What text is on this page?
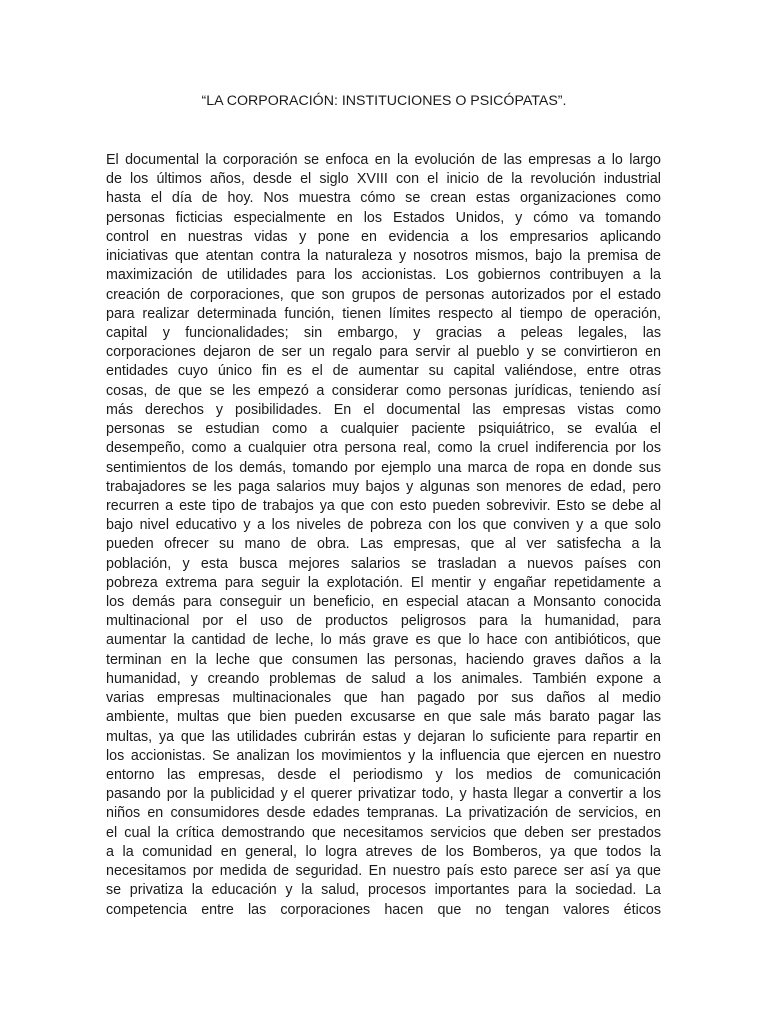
“LA CORPORACIÓN: INSTITUCIONES O PSICÓPATAS”.
El documental la corporación se enfoca en la evolución de las empresas a lo largo
de los últimos años, desde el siglo XVIII con el inicio de la revolución industrial
hasta el día de hoy. Nos muestra cómo se crean estas organizaciones como
personas ficticias especialmente en los Estados Unidos, y cómo va tomando
control en nuestras vidas y pone en evidencia a los empresarios aplicando
iniciativas que atentan contra la naturaleza y nosotros mismos, bajo la premisa de
maximización de utilidades para los accionistas. Los gobiernos contribuyen a la
creación de corporaciones, que son grupos de personas autorizados por el estado
para realizar determinada función, tienen límites respecto al tiempo de operación,
capital y funcionalidades; sin embargo, y gracias a peleas legales, las
corporaciones dejaron de ser un regalo para servir al pueblo y se convirtieron en
entidades cuyo único fin es el de aumentar su capital valiéndose, entre otras
cosas, de que se les empezó a considerar como personas jurídicas, teniendo así
más derechos y posibilidades. En el documental las empresas vistas como
personas se estudian como a cualquier paciente psiquiátrico, se evalúa el
desempeño, como a cualquier otra persona real, como la cruel indiferencia por los
sentimientos de los demás, tomando por ejemplo una marca de ropa en donde sus
trabajadores se les paga salarios muy bajos y algunas son menores de edad, pero
recurren a este tipo de trabajos ya que con esto pueden sobrevivir. Esto se debe al
bajo nivel educativo y a los niveles de pobreza con los que conviven y a que solo
pueden ofrecer su mano de obra. Las empresas, que al ver satisfecha a la
población, y esta busca mejores salarios se trasladan a nuevos países con
pobreza extrema para seguir la explotación. El mentir y engañar repetidamente a
los demás para conseguir un beneficio, en especial atacan a Monsanto conocida
multinacional por el uso de productos peligrosos para la humanidad, para
aumentar la cantidad de leche, lo más grave es que lo hace con antibióticos, que
terminan en la leche que consumen las personas, haciendo graves daños a la
humanidad, y creando problemas de salud a los animales. También expone a
varias empresas multinacionales que han pagado por sus daños al medio
ambiente, multas que bien pueden excusarse en que sale más barato pagar las
multas, ya que las utilidades cubrirán estas y dejaran lo suficiente para repartir en
los accionistas. Se analizan los movimientos y la influencia que ejercen en nuestro
entorno las empresas, desde el periodismo y los medios de comunicación
pasando por la publicidad y el querer privatizar todo, y hasta llegar a convertir a los
niños en consumidores desde edades tempranas. La privatización de servicios, en
el cual la crítica demostrando que necesitamos servicios que deben ser prestados
a la comunidad en general, lo logra atreves de los Bomberos, ya que todos la
necesitamos por medida de seguridad. En nuestro país esto parece ser así ya que
se privatiza la educación y la salud, procesos importantes para la sociedad. La
competencia entre las corporaciones hacen que no tengan valores éticos
